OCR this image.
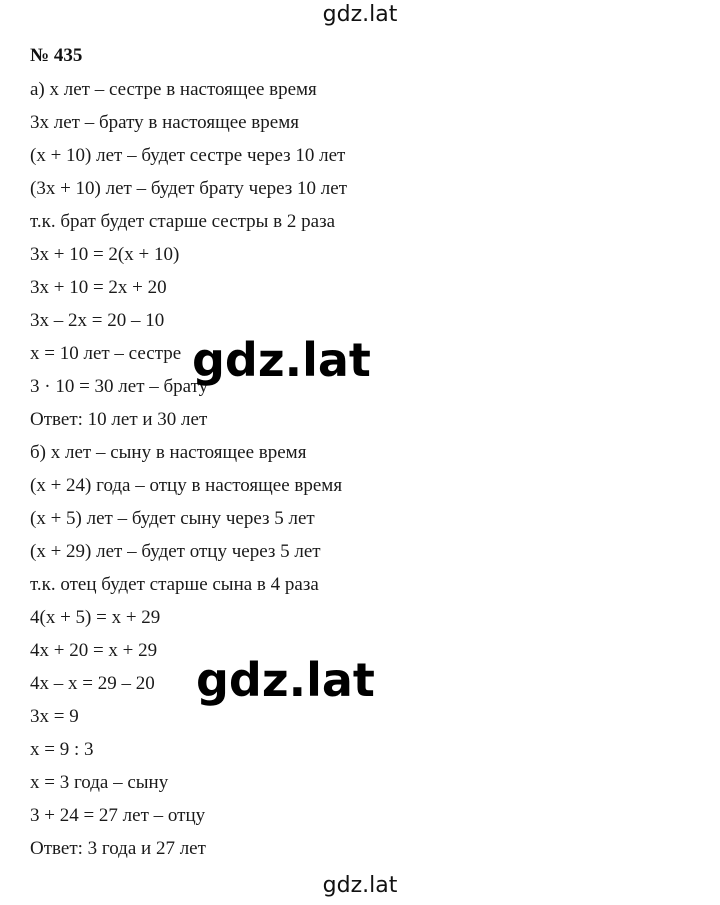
gdz.lat
№ 435
а) x лет – сестре в настоящее время
3x лет – брату в настоящее время
(x + 10) лет – будет сестре через 10 лет
(3x + 10) лет – будет брату через 10 лет
т.к. брат будет старше сестры в 2 раза
3x + 10 = 2(x + 10)
3x + 10 = 2x + 20
3x – 2x = 20 – 10
x = 10 лет – сестре
3 · 10 = 30 лет – брату
Ответ: 10 лет и 30 лет
б) x лет – сыну в настоящее время
(x + 24) года – отцу в настоящее время
(x + 5) лет – будет сыну через 5 лет
(x + 29) лет – будет отцу через 5 лет
т.к. отец будет старше сына в 4 раза
4(x + 5) = x + 29
4x + 20 = x + 29
4x – x = 29 – 20
3x = 9
x = 9 : 3
x = 3 года – сыну
3 + 24 = 27 лет – отцу
Ответ: 3 года и 27 лет
gdz.lat
gdz.lat
gdz.lat
